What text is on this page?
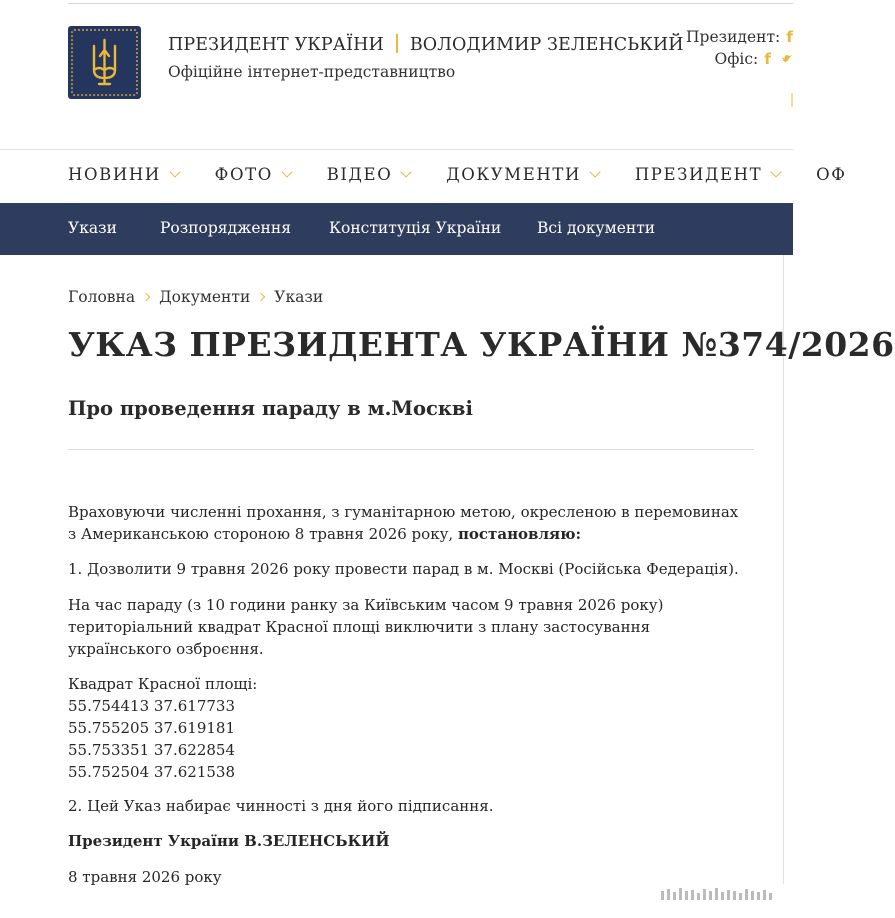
ПРЕЗИДЕНТ УКРАЇНИ ВОЛОДИМИР ЗЕЛЕНСЬКИЙ
Офіційне інтернет-представництво
Президент: f
Офіс: f
НОВИНИ	ФОТО	ВІДЕО	ДОКУМЕНТИ	ПРЕЗИДЕНТ	ОФ
Укази	Розпорядження Конституція України Всі документи
Головна Документи Укази
УКАЗ ПРЕЗИДЕНТА УКРАЇНИ №374/2026
Про проведення параду в м.Москві

Враховуючи численні прохання, з гуманітарною метою, окресленою в перемовинах з Американською стороною 8 травня 2026 року, постановляю:

1. Дозволити 9 травня 2026 року провести парад в м. Москві (Російська Федерація).
На час параду (з 10 години ранку за Київським часом 9 травня 2026 року) територіальний квадрат Красної площі виключити з плану застосування українського озброєння.
Квадрат Красної площі:
55.754413 37.617733
55.755205 37.619181
55.753351 37.622854
55.752504 37.621538
2. Цей Указ набирає чинності з дня його підписання.
Президент України В.ЗЕЛЕНСЬКИЙ
8 травня 2026 року
